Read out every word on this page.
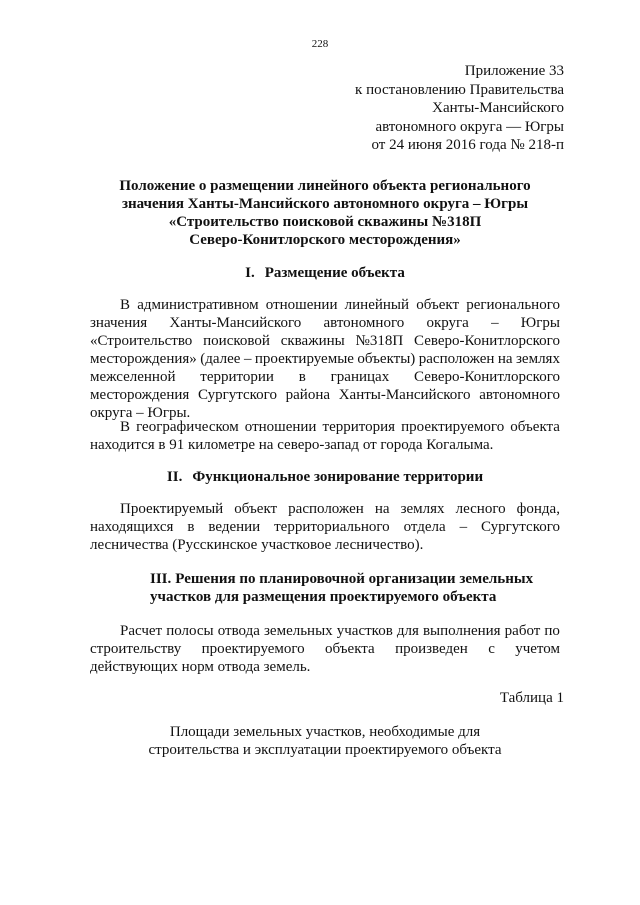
228
Приложение 33
к постановлению Правительства
Ханты-Мансийского
автономного округа — Югры
от 24 июня 2016 года № 218-п
Положение о размещении линейного объекта регионального
значения Ханты-Мансийского автономного округа – Югры
«Строительство поисковой скважины №318П
Северо-Конитлорского месторождения»
I. Размещение объекта
В административном отношении линейный объект регионального
значения Ханты-Мансийского автономного округа – Югры
«Строительство поисковой скважины №318П Северо-Конитлорского
месторождения» (далее – проектируемые объекты) расположен на землях
межселенной территории в границах Северо-Конитлорского
месторождения Сургутского района Ханты-Мансийского автономного
округа – Югры.
В географическом отношении территория проектируемого объекта
находится в 91 километре на северо-запад от города Когалыма.
II. Функциональное зонирование территории
Проектируемый объект расположен на землях лесного фонда,
находящихся в ведении территориального отдела – Сургутского
лесничества (Русскинское участковое лесничество).
III. Решения по планировочной организации земельных
участков для размещения проектируемого объекта
Расчет полосы отвода земельных участков для выполнения работ по
строительству проектируемого объекта произведен с учетом
действующих норм отвода земель.
Таблица 1
Площади земельных участков, необходимые для
строительства и эксплуатации проектируемого объекта
